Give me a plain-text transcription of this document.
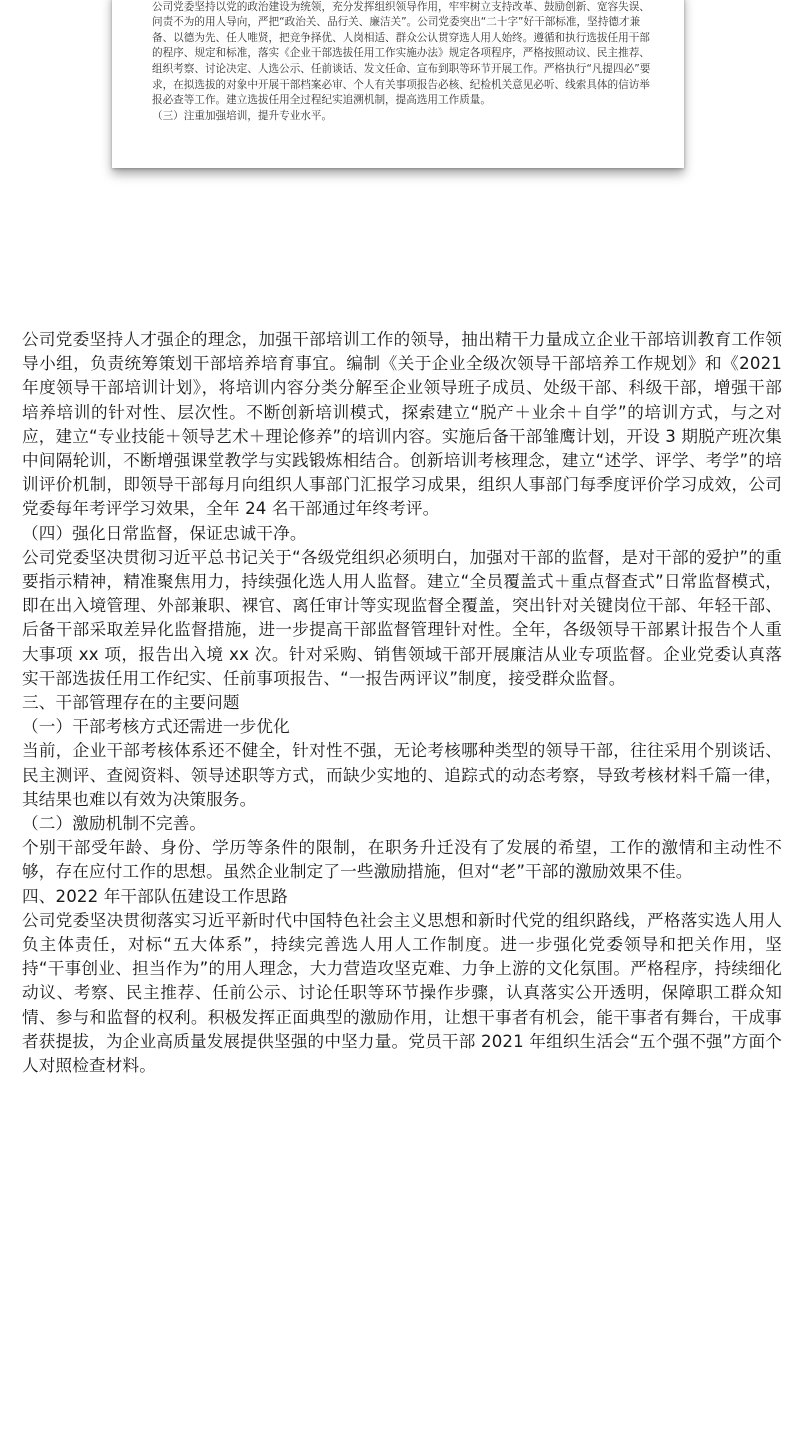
公司党委坚持以党的政治建设为统领，充分发挥组织领导作用，牢牢树立支持改革、鼓励创新、宽容失误、问责不为的用人导向，严把“政治关、品行关、廉洁关”。公司党委突出“二十字”好干部标准，坚持德才兼备、以德为先、任人唯贤，把竞争择优、人岗相适、群众公认贯穿选人用人始终。遵循和执行选拔任用干部的程序、规定和标准，落实《企业干部选拔任用工作实施办法》规定各项程序，严格按照动议、民主推荐、组织考察、讨论决定、人选公示、任前谈话、发文任命、宣布到职等环节开展工作。严格执行“凡提四必”要求，在拟选拔的对象中开展干部档案必审、个人有关事项报告必核、纪检机关意见必听、线索具体的信访举报必查等工作。建立选拔任用全过程纪实追溯机制，提高选用工作质量。

（三）注重加强培训，提升专业水平。

公司党委坚持人才强企的理念，加强干部培训工作的领导，抽出精干力量成立企业干部培训教育工作领导小组，负责统筹策划干部培养培育事宜。编制《关于企业全级次领导干部培养工作规划》和《2021 年度领导干部培训计划》，将培训内容分类分解至企业领导班子成员、处级干部、科级干部，增强干部培养培训的针对性、层次性。不断创新培训模式，探索建立“脱产＋业余＋自学”的培训方式，与之对应，建立“专业技能＋领导艺术＋理论修养”的培训内容。实施后备干部雏鹰计划，开设 3 期脱产班次集中间隔轮训，不断增强课堂教学与实践锻炼相结合。创新培训考核理念，建立“述学、评学、考学”的培训评价机制，即领导干部每月向组织人事部门汇报学习成果，组织人事部门每季度评价学习成效，公司党委每年考评学习效果，全年 24 名干部通过年终考评。

（四）强化日常监督，保证忠诚干净。

公司党委坚决贯彻习近平总书记关于“各级党组织必须明白，加强对干部的监督，是对干部的爱护”的重要指示精神，精准聚焦用力，持续强化选人用人监督。建立“全员覆盖式＋重点督查式”日常监督模式，即在出入境管理、外部兼职、裸官、离任审计等实现监督全覆盖，突出针对关键岗位干部、年轻干部、后备干部采取差异化监督措施，进一步提高干部监督管理针对性。全年，各级领导干部累计报告个人重大事项 xx 项，报告出入境 xx 次。针对采购、销售领域干部开展廉洁从业专项监督。企业党委认真落实干部选拔任用工作纪实、任前事项报告、“一报告两评议”制度，接受群众监督。

三、干部管理存在的主要问题

（一）干部考核方式还需进一步优化

当前，企业干部考核体系还不健全，针对性不强，无论考核哪种类型的领导干部，往往采用个别谈话、民主测评、查阅资料、领导述职等方式，而缺少实地的、追踪式的动态考察，导致考核材料千篇一律，其结果也难以有效为决策服务。

（二）激励机制不完善。

个别干部受年龄、身份、学历等条件的限制，在职务升迁没有了发展的希望，工作的激情和主动性不够，存在应付工作的思想。虽然企业制定了一些激励措施，但对“老”干部的激励效果不佳。

四、2022 年干部队伍建设工作思路

公司党委坚决贯彻落实习近平新时代中国特色社会主义思想和新时代党的组织路线，严格落实选人用人负主体责任，对标“五大体系”，持续完善选人用人工作制度。进一步强化党委领导和把关作用，坚持“干事创业、担当作为”的用人理念，大力营造攻坚克难、力争上游的文化氛围。严格程序，持续细化动议、考察、民主推荐、任前公示、讨论任职等环节操作步骤，认真落实公开透明，保障职工群众知情、参与和监督的权利。积极发挥正面典型的激励作用，让想干事者有机会，能干事者有舞台，干成事者获提拔，为企业高质量发展提供坚强的中坚力量。党员干部 2021 年组织生活会“五个强不强”方面个人对照检查材料。
